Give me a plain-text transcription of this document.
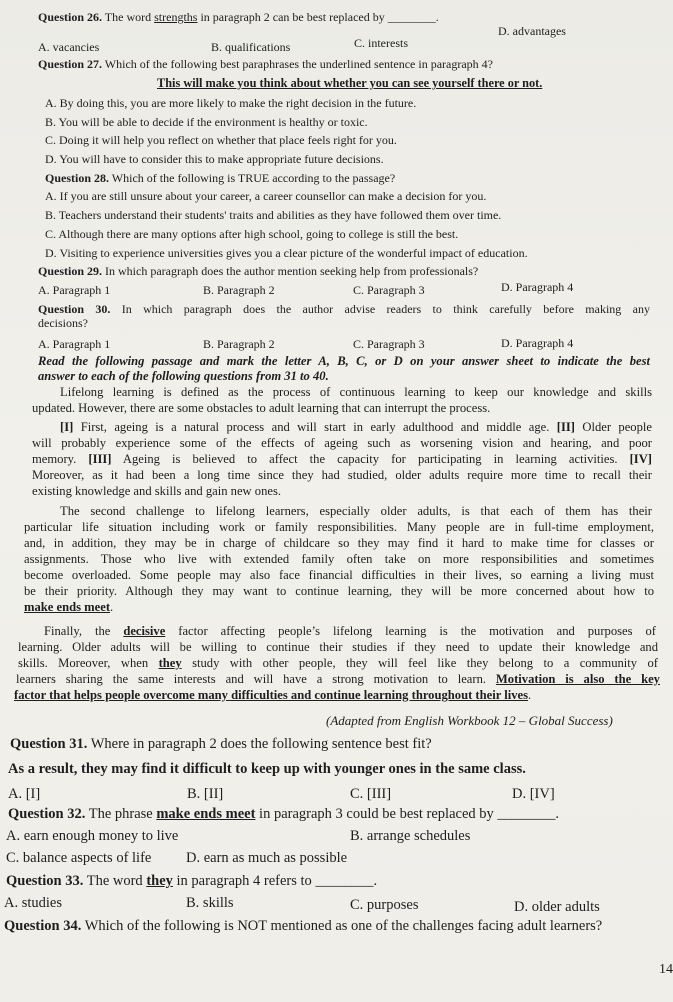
Question 26. The word strengths in paragraph 2 can be best replaced by ________.
D. advantages
A. vacancies	B. qualifications	C. interests
Question 27. Which of the following best paraphrases the underlined sentence in paragraph 4?
This will make you think about whether you can see yourself there or not.
A. By doing this, you are more likely to make the right decision in the future.
B. You will be able to decide if the environment is healthy or toxic.
C. Doing it will help you reflect on whether that place feels right for you.
D. You will have to consider this to make appropriate future decisions.
Question 28. Which of the following is TRUE according to the passage?
A. If you are still unsure about your career, a career counsellor can make a decision for you.
B. Teachers understand their students' traits and abilities as they have followed them over time.
C. Although there are many options after high school, going to college is still the best.
D. Visiting to experience universities gives you a clear picture of the wonderful impact of education.
Question 29. In which paragraph does the author mention seeking help from professionals?
A. Paragraph 1	B. Paragraph 2	C. Paragraph 3	D. Paragraph 4
Question 30. In which paragraph does the author advise readers to think carefully before making any
decisions?
A. Paragraph 1	B. Paragraph 2	C. Paragraph 3	D. Paragraph 4
Read the following passage and mark the letter A, B, C, or D on your answer sheet to indicate the best
answer to each of the following questions from 31 to 40.
Lifelong learning is defined as the process of continuous learning to keep our knowledge and skills
updated. However, there are some obstacles to adult learning that can interrupt the process.
[I] First, ageing is a natural process and will start in early adulthood and middle age. [II] Older people
will probably experience some of the effects of ageing such as worsening vision and hearing, and poor
memory. [III] Ageing is believed to affect the capacity for participating in learning activities. [IV]
Moreover, as it had been a long time since they had studied, older adults require more time to recall their
existing knowledge and skills and gain new ones.
The second challenge to lifelong learners, especially older adults, is that each of them has their
particular life situation including work or family responsibilities. Many people are in full-time employment,
and, in addition, they may be in charge of childcare so they may find it hard to make time for classes or
assignments. Those who live with extended family often take on more responsibilities and sometimes
become overloaded. Some people may also face financial difficulties in their lives, so earning a living must
be their priority. Although they may want to continue learning, they will be more concerned about how to
make ends meet.
Finally, the decisive factor affecting people’s lifelong learning is the motivation and purposes of
learning. Older adults will be willing to continue their studies if they need to update their knowledge and
skills. Moreover, when they study with other people, they will feel like they belong to a community of
learners sharing the same interests and will have a strong motivation to learn. Motivation is also the key
factor that helps people overcome many difficulties and continue learning throughout their lives.
(Adapted from English Workbook 12 – Global Success)
Question 31. Where in paragraph 2 does the following sentence best fit?
As a result, they may find it difficult to keep up with younger ones in the same class.
A. [I]	B. [II]	C. [III]	D. [IV]
Question 32. The phrase make ends meet in paragraph 3 could be best replaced by ________.
A. earn enough money to live	B. arrange schedules
C. balance aspects of life D. earn as much as possible
Question 33. The word they in paragraph 4 refers to ________.
A. studies	B. skills	C. purposes	D. older adults
Question 34. Which of the following is NOT mentioned as one of the challenges facing adult learners?
14
